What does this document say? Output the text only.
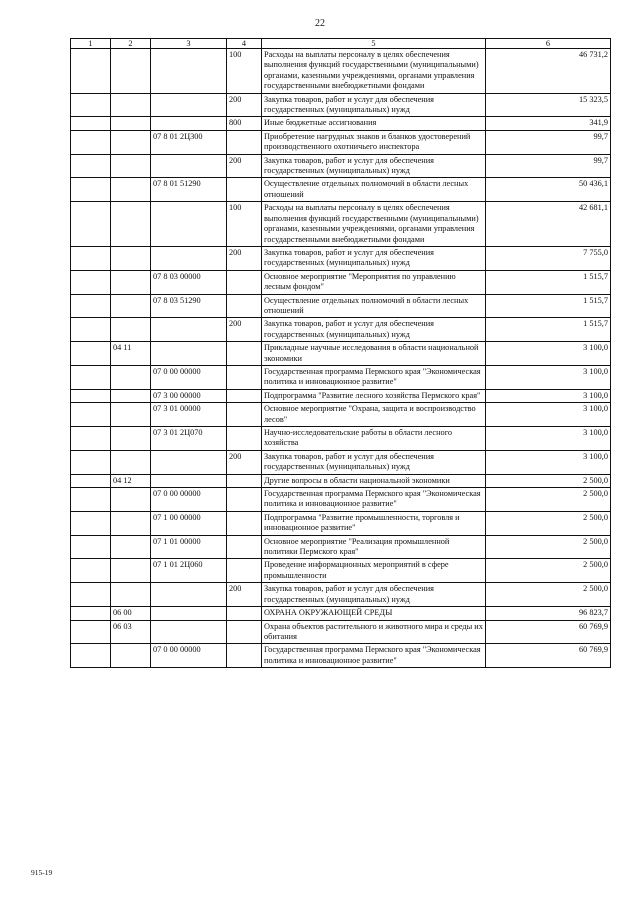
22
1	2	3	4	5	6
			100	Расходы на выплаты персоналу в целях обеспечения выполнения функций государственными (муниципальными) органами, казенными учреждениями, органами управления государственными внебюджетными фондами	46 731,2
			200	Закупка товаров, работ и услуг для обеспечения государственных (муниципальных) нужд	15 323,5
			800	Иные бюджетные ассигнования	341,9
		07 8 01 2Ц300		Приобретение нагрудных знаков и бланков удостоверений производственного охотничьего инспектора	99,7
			200	Закупка товаров, работ и услуг для обеспечения государственных (муниципальных) нужд	99,7
		07 8 01 51290		Осуществление отдельных полномочий в области лесных отношений	50 436,1
			100	Расходы на выплаты персоналу в целях обеспечения выполнения функций государственными (муниципальными) органами, казенными учреждениями, органами управления государственными внебюджетными фондами	42 681,1
			200	Закупка товаров, работ и услуг для обеспечения государственных (муниципальных) нужд	7 755,0
		07 8 03 00000		Основное мероприятие "Мероприятия по управлению лесным фондом"	1 515,7
		07 8 03 51290		Осуществление отдельных полномочий в области лесных отношений	1 515,7
			200	Закупка товаров, работ и услуг для обеспечения государственных (муниципальных) нужд	1 515,7
	04 11			Прикладные научные исследования в области национальной экономики	3 100,0
		07 0 00 00000		Государственная программа Пермского края "Экономическая политика и инновационное развитие"	3 100,0
		07 3 00 00000		Подпрограмма "Развитие лесного хозяйства Пермского края"	3 100,0
		07 3 01 00000		Основное мероприятие "Охрана, защита и воспроизводство лесов"	3 100,0
		07 3 01 2Ц070		Научно-исследовательские работы в области лесного хозяйства	3 100,0
			200	Закупка товаров, работ и услуг для обеспечения государственных (муниципальных) нужд	3 100,0
	04 12			Другие вопросы в области национальной экономики	2 500,0
		07 0 00 00000		Государственная программа Пермского края "Экономическая политика и инновационное развитие"	2 500,0
		07 1 00 00000		Подпрограмма "Развитие промышленности, торговля и инновационное развитие"	2 500,0
		07 1 01 00000		Основное мероприятие "Реализация промышленной политики Пермского края"	2 500,0
		07 1 01 2Ц060		Проведение информационных мероприятий в сфере промышленности	2 500,0
			200	Закупка товаров, работ и услуг для обеспечения государственных (муниципальных) нужд	2 500,0
	06 00			ОХРАНА ОКРУЖАЮЩЕЙ СРЕДЫ	96 823,7
	06 03			Охрана объектов растительного и животного мира и среды их обитания	60 769,9
		07 0 00 00000		Государственная программа Пермского края "Экономическая политика и инновационное развитие"	60 769,9
915-19
